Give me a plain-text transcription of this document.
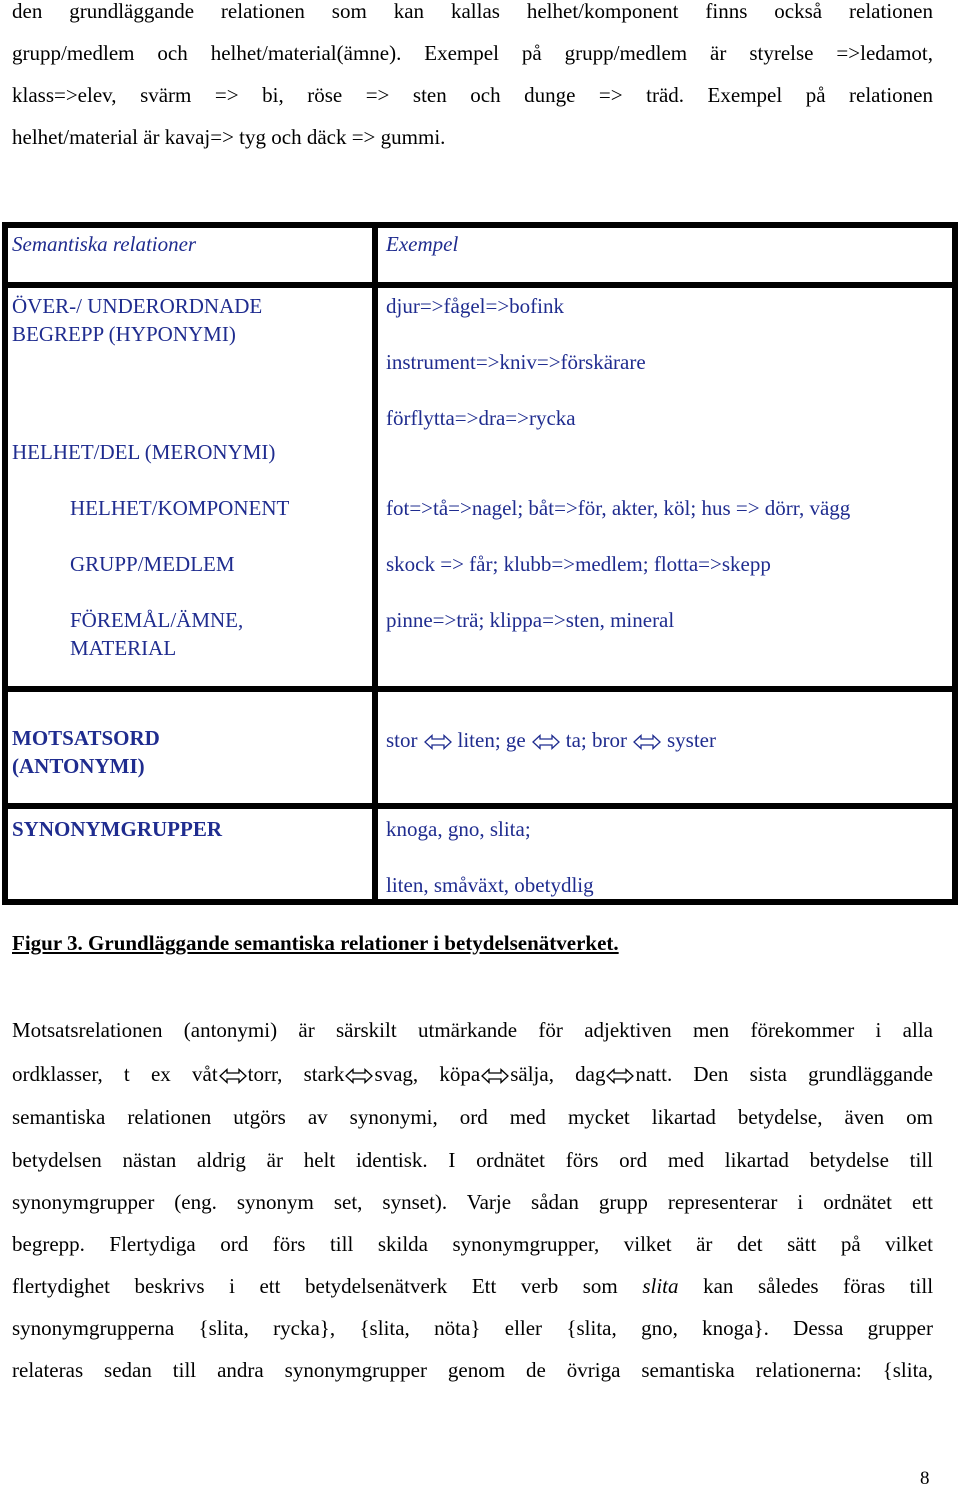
den grundläggande relationen som kan kallas helhet/komponent finns också relationen
grupp/medlem och helhet/material(ämne). Exempel på grupp/medlem är styrelse =>ledamot,
klass=>elev, svärm => bi, röse => sten och dunge => träd. Exempel på relationen
helhet/material är kavaj=> tyg och däck => gummi.
Semantiska relationer	Exempel
ÖVER-/ UNDERORDNADE
BEGREPP (HYPONYMI)
djur=>fågel=>bofink
instrument=>kniv=>förskärare
förflytta=>dra=>rycka
HELHET/DEL (MERONYMI)
HELHET/KOMPONENT
GRUPP/MEDLEM
FÖREMÅL/ÄMNE,
MATERIAL
fot=>tå=>nagel; båt=>för, akter, köl; hus => dörr, vägg
skock => får; klubb=>medlem; flotta=>skepp
pinne=>trä; klippa=>sten, mineral
MOTSATSORD
(ANTONYMI)
stor liten; ge ta; bror syster
SYNONYMGRUPPER	knoga, gno, slita;
liten, småväxt, obetydlig
Figur 3. Grundläggande semantiska relationer i betydelsenätverket.
Motsatsrelationen (antonymi) är särskilt utmärkande för adjektiven men förekommer i alla
ordklasser, t ex våt torr, stark svag, köpa sälja, dag natt. Den sista grundläggande
semantiska relationen utgörs av synonymi, ord med mycket likartad betydelse, även om
betydelsen nästan aldrig är helt identisk. I ordnätet förs ord med likartad betydelse till
synonymgrupper (eng. synonym set, synset). Varje sådan grupp representerar i ordnätet ett
begrepp. Flertydiga ord förs till skilda synonymgrupper, vilket är det sätt på vilket
flertydighet beskrivs i ett betydelsenätverk Ett verb som slita kan således föras till
synonymgrupperna {slita, rycka}, {slita, nöta} eller {slita, gno, knoga}. Dessa grupper
relateras sedan till andra synonymgrupper genom de övriga semantiska relationerna: {slita,
8
